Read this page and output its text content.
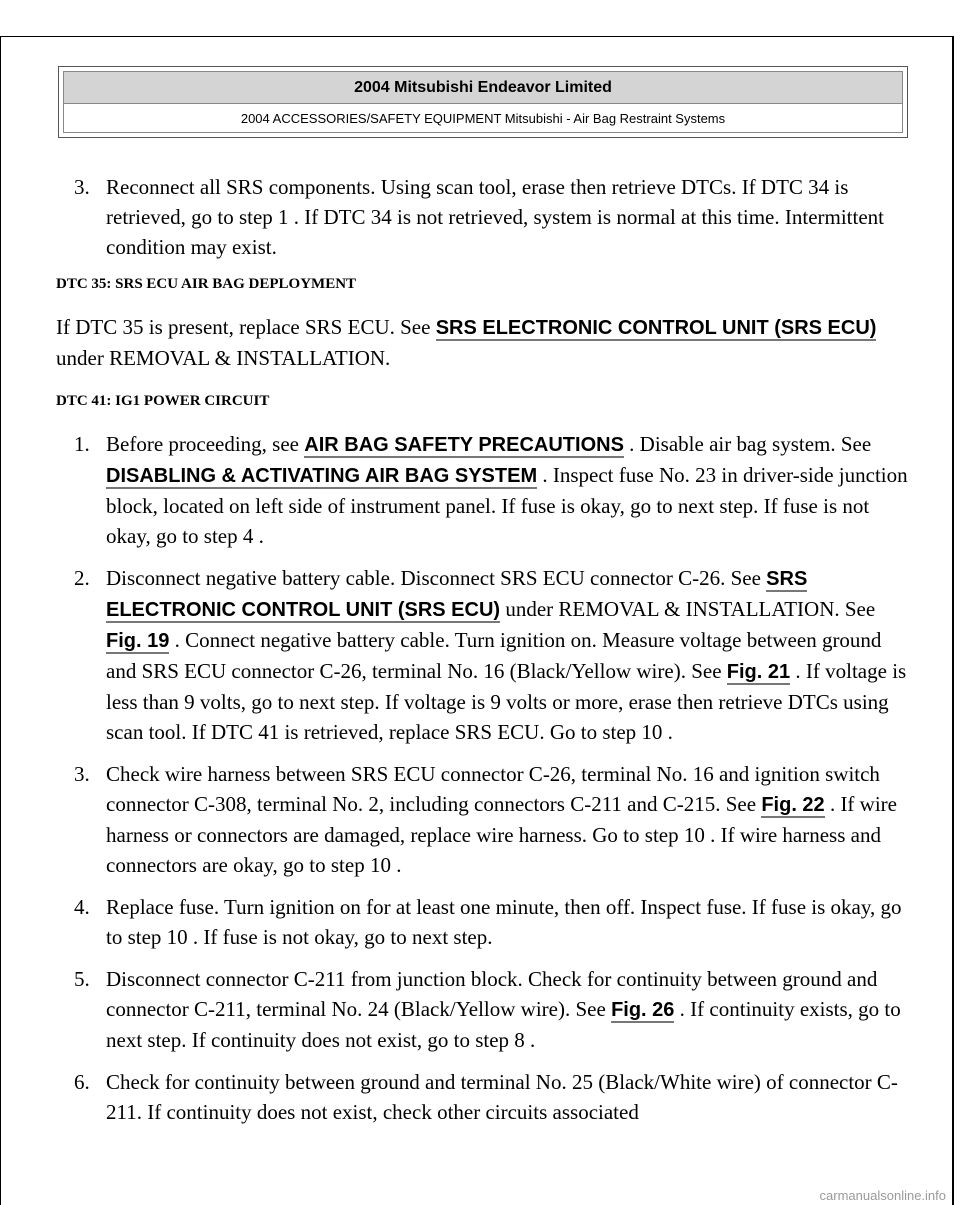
2004 Mitsubishi Endeavor Limited
2004 ACCESSORIES/SAFETY EQUIPMENT Mitsubishi - Air Bag Restraint Systems
3. Reconnect all SRS components. Using scan tool, erase then retrieve DTCs. If DTC 34 is retrieved, go to step 1 . If DTC 34 is not retrieved, system is normal at this time. Intermittent condition may exist.
DTC 35: SRS ECU AIR BAG DEPLOYMENT
If DTC 35 is present, replace SRS ECU. See SRS ELECTRONIC CONTROL UNIT (SRS ECU) under REMOVAL & INSTALLATION.
DTC 41: IG1 POWER CIRCUIT
1. Before proceeding, see AIR BAG SAFETY PRECAUTIONS . Disable air bag system. See DISABLING & ACTIVATING AIR BAG SYSTEM . Inspect fuse No. 23 in driver-side junction block, located on left side of instrument panel. If fuse is okay, go to next step. If fuse is not okay, go to step 4 .
2. Disconnect negative battery cable. Disconnect SRS ECU connector C-26. See SRS ELECTRONIC CONTROL UNIT (SRS ECU) under REMOVAL & INSTALLATION. See Fig. 19 . Connect negative battery cable. Turn ignition on. Measure voltage between ground and SRS ECU connector C-26, terminal No. 16 (Black/Yellow wire). See Fig. 21 . If voltage is less than 9 volts, go to next step. If voltage is 9 volts or more, erase then retrieve DTCs using scan tool. If DTC 41 is retrieved, replace SRS ECU. Go to step 10 .
3. Check wire harness between SRS ECU connector C-26, terminal No. 16 and ignition switch connector C-308, terminal No. 2, including connectors C-211 and C-215. See Fig. 22 . If wire harness or connectors are damaged, replace wire harness. Go to step 10 . If wire harness and connectors are okay, go to step 10 .
4. Replace fuse. Turn ignition on for at least one minute, then off. Inspect fuse. If fuse is okay, go to step 10 . If fuse is not okay, go to next step.
5. Disconnect connector C-211 from junction block. Check for continuity between ground and connector C-211, terminal No. 24 (Black/Yellow wire). See Fig. 26 . If continuity exists, go to next step. If continuity does not exist, go to step 8 .
6. Check for continuity between ground and terminal No. 25 (Black/White wire) of connector C-211. If continuity does not exist, check other circuits associated
carmanualsonline.info
